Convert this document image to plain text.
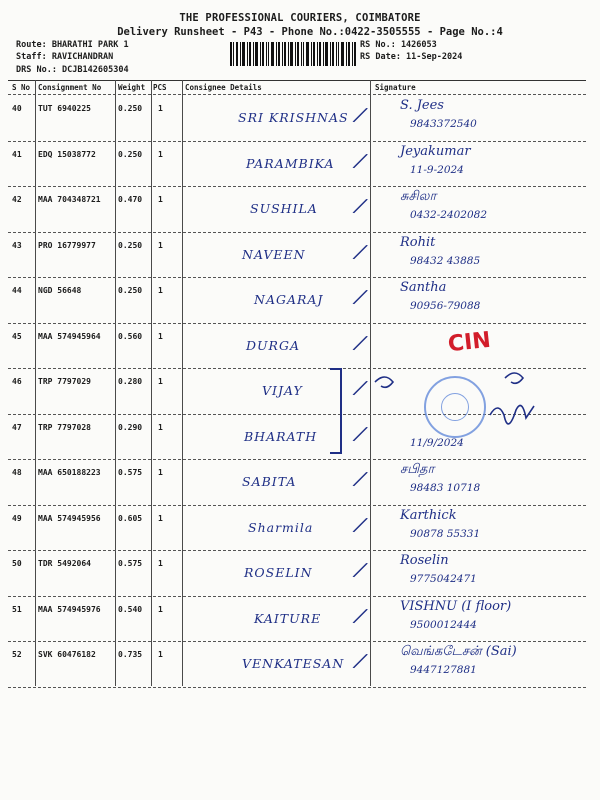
THE PROFESSIONAL COURIERS, COIMBATORE
Delivery Runsheet - P43 - Phone No.:0422-3505555 - Page No.:4
Route: BHARATHI PARK 1
Staff: RAVICHANDRAN
DRS No.: DCJB142605304
RS No.: 1426053
RS Date: 11-Sep-2024
S No Consignment No Weight PCS Consignee Details	Signature
40 TUT 6940225	0.250 1
SRI KRISHNAS ⁄	S. Jees
9843372540
41 EDQ 15038772	0.250 1
PARAMBIKA ⁄	Jeyakumar
11-9-2024
42 MAA 704348721 0.470 1
SUSHILA ⁄	சுசிலா
0432-2402082
43 PRO 16779977	0.250 1
NAVEEN ⁄	Rohit
98432 43885
44 NGD 56648	0.250 1
NAGARAJ ⁄	Santha
90956-79088
45 MAA 574945964 0.560 1
DURGA	⁄
46 TRP 7797029	0.280 1
VIJAY ⁄
47 TRP 7797028	0.290 1
BHARATH ⁄	11/9/2024
48 MAA 650188223 0.575 1
SABITA	⁄	சபிதா
98483 10718
49 MAA 574945956 0.605 1
Sharmila ⁄	Karthick
90878 55331
50 TDR 5492064	0.575 1
ROSELIN ⁄	Roselin
9775042471
51 MAA 574945976 0.540 1
KAITURE ⁄	VISHNU (I floor)
9500012444
52 SVK 60476182	0.735 1
VENKATESAN ⁄	வெங்கடேசன் (Sai)
9447127881
CIN
